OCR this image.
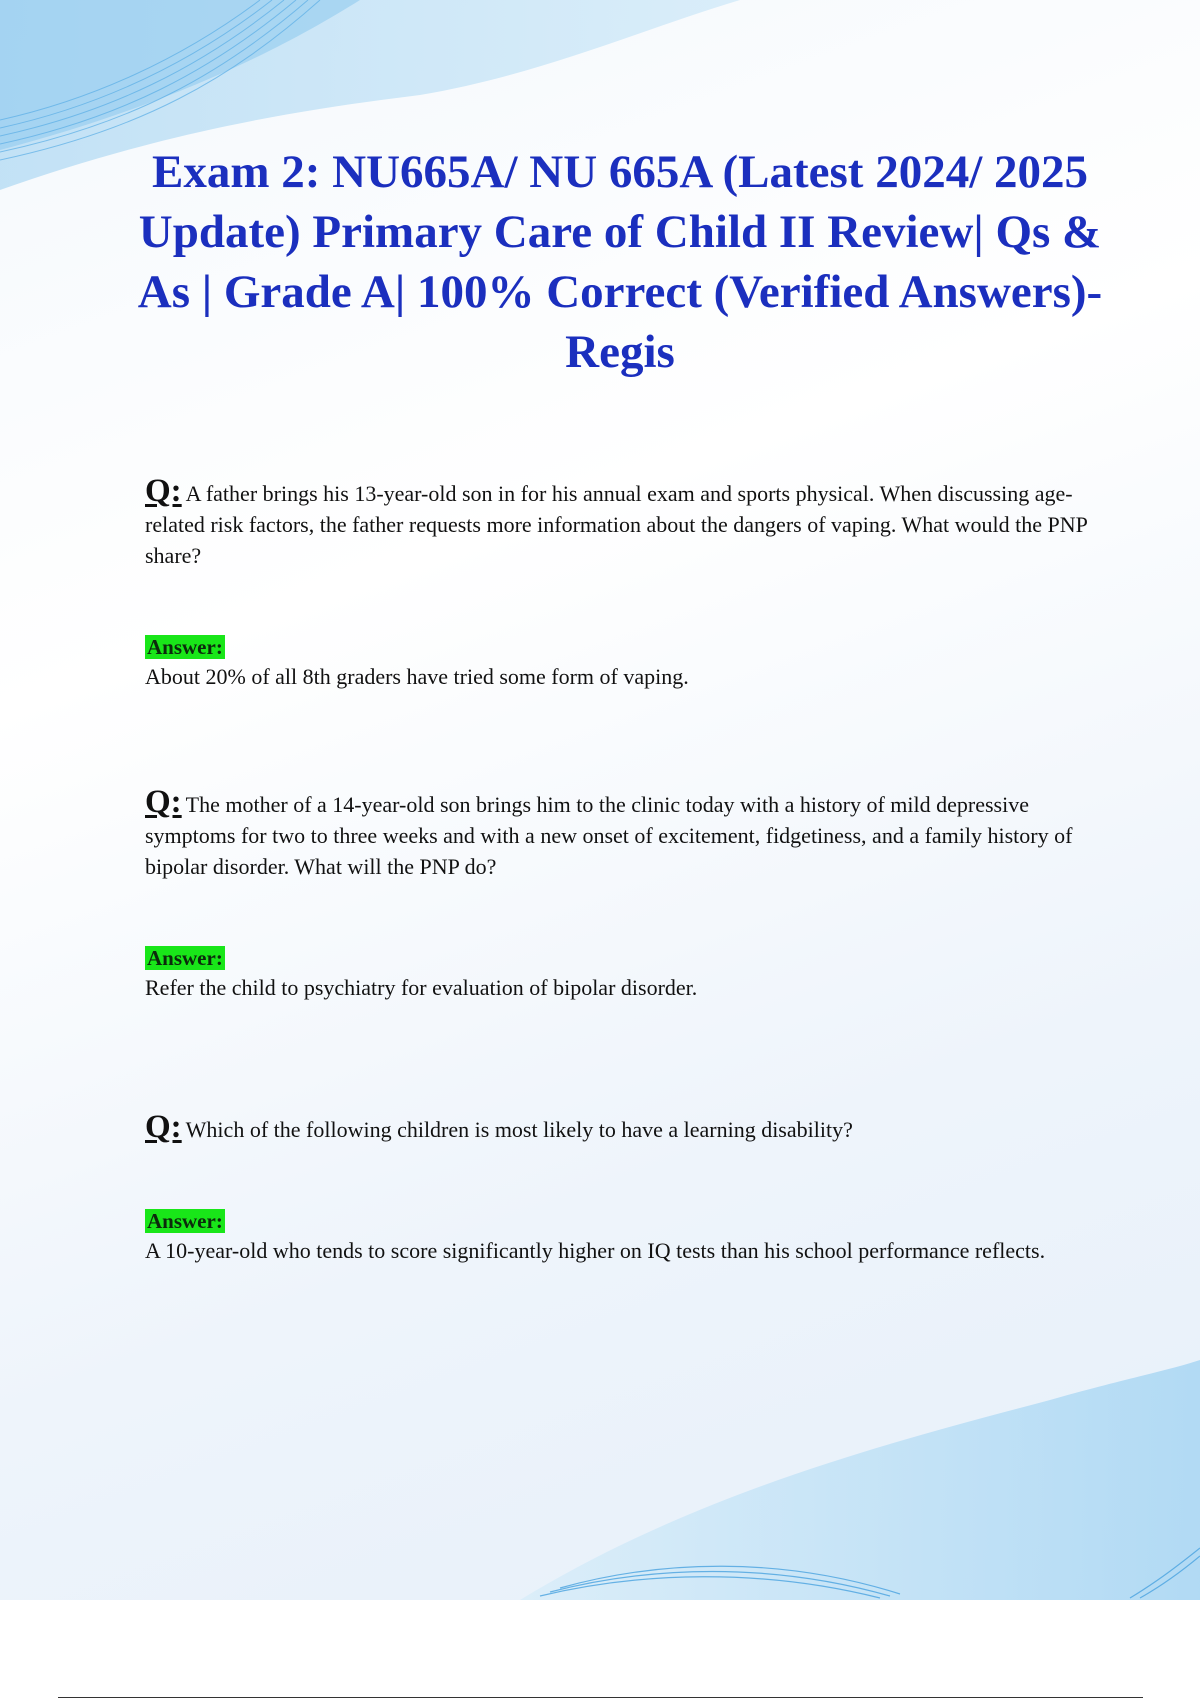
Exam 2: NU665A/ NU 665A (Latest 2024/ 2025 Update) Primary Care of Child II Review| Qs & As | Grade A| 100% Correct (Verified Answers)- Regis

Q: A father brings his 13-year-old son in for his annual exam and sports physical. When discussing age-related risk factors, the father requests more information about the dangers of vaping. What would the PNP share?

Answer:

About 20% of all 8th graders have tried some form of vaping.

Q: The mother of a 14-year-old son brings him to the clinic today with a history of mild depressive symptoms for two to three weeks and with a new onset of excitement, fidgetiness, and a family history of bipolar disorder. What will the PNP do?

Answer:

Refer the child to psychiatry for evaluation of bipolar disorder.

Q: Which of the following children is most likely to have a learning disability?

Answer:

A 10-year-old who tends to score significantly higher on IQ tests than his school performance reflects.
